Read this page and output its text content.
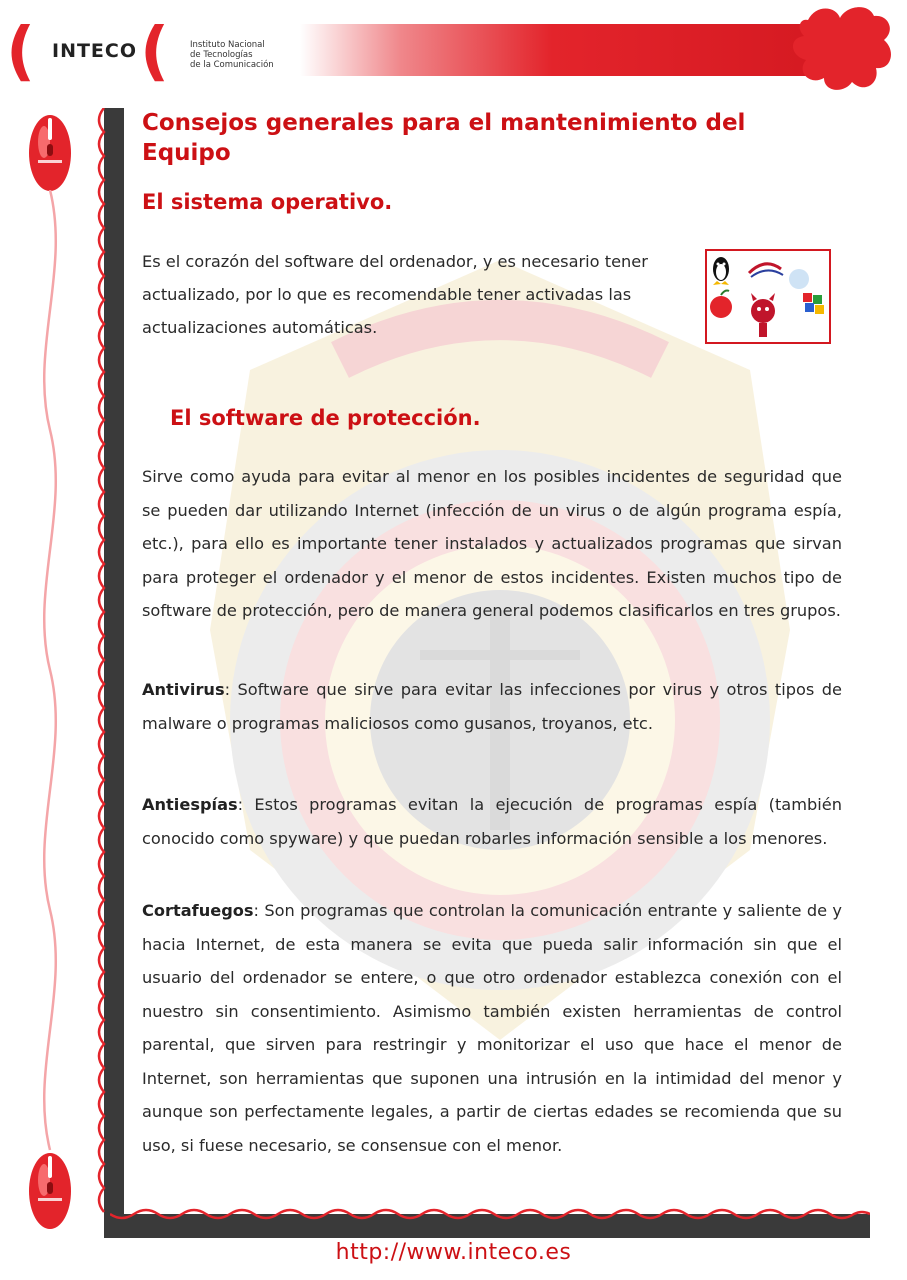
( INTECO ( Instituto Nacional
de Tecnologías
de la Comunicación
Consejos generales para el mantenimiento del Equipo
El sistema operativo.

Es el corazón del software del ordenador, y es necesario tener actualizado, por lo que es recomendable tener activadas las actualizaciones automáticas.

El software de protección.

Sirve como ayuda para evitar al menor en los posibles incidentes de seguridad que se pueden dar utilizando Internet (infección de un virus o de algún programa espía, etc.), para ello es importante tener instalados y actualizados programas que sirvan para proteger el ordenador y el menor de estos incidentes. Existen muchos tipo de software de protección, pero de manera general podemos clasificarlos en tres grupos.

Antivirus: Software que sirve para evitar las infecciones por virus y otros tipos de malware o programas maliciosos como gusanos, troyanos, etc.

Antiespías: Estos programas evitan la ejecución de programas espía (también conocido como spyware) y que puedan robarles información sensible a los menores.

Cortafuegos: Son programas que controlan la comunicación entrante y saliente de y hacia Internet, de esta manera se evita que pueda salir información sin que el usuario del ordenador se entere, o que otro ordenador establezca conexión con el nuestro sin consentimiento. Asimismo también existen herramientas de control parental, que sirven para restringir y monitorizar el uso que hace el menor de Internet, son herramientas que suponen una intrusión en la intimidad del menor y aunque son perfectamente legales, a partir de ciertas edades se recomienda que su uso, si fuese necesario, se consensue con el menor.

http://www.inteco.es
